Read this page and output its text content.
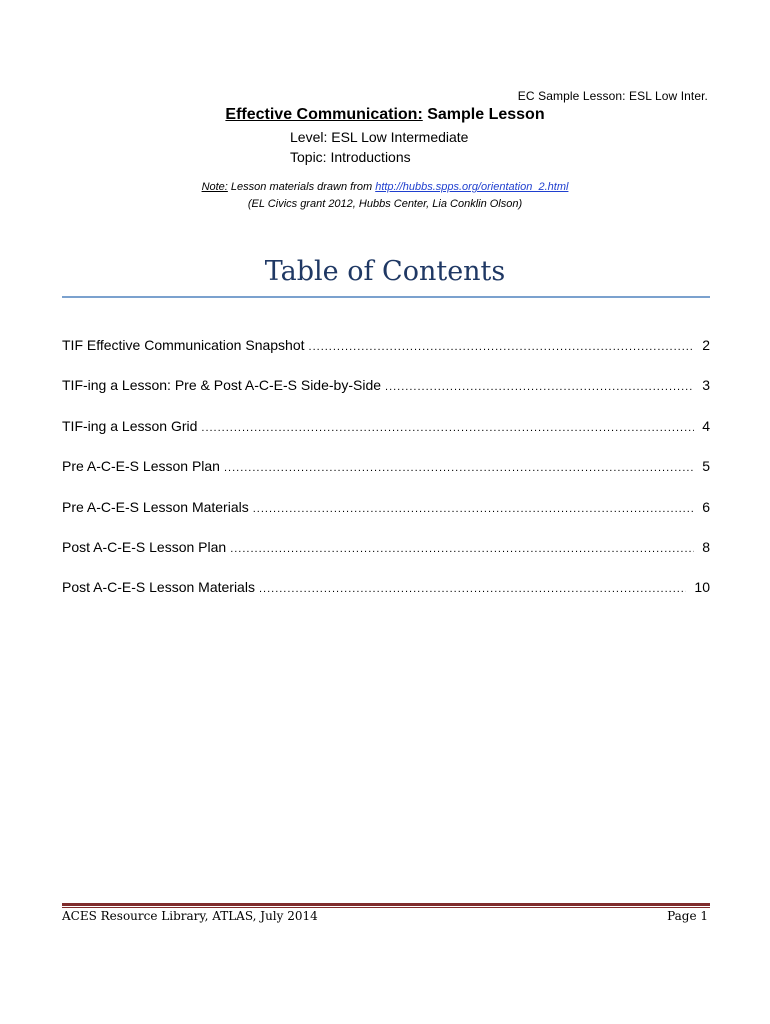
EC Sample Lesson: ESL Low Inter.
Effective Communication: Sample Lesson
Level: ESL Low Intermediate
Topic: Introductions
Note: Lesson materials drawn from http://hubbs.spps.org/orientation_2.html
(EL Civics grant 2012, Hubbs Center, Lia Conklin Olson)
Table of Contents
TIF Effective Communication Snapshot .....	2
TIF-ing a Lesson: Pre & Post A-C-E-S Side-by-Side .....	3
TIF-ing a Lesson Grid .....	4
Pre A-C-E-S Lesson Plan .....	5
Pre A-C-E-S Lesson Materials .....	6
Post A-C-E-S Lesson Plan .....	8
Post A-C-E-S Lesson Materials .....	10
ACES Resource Library, ATLAS, July 2014	Page 1
